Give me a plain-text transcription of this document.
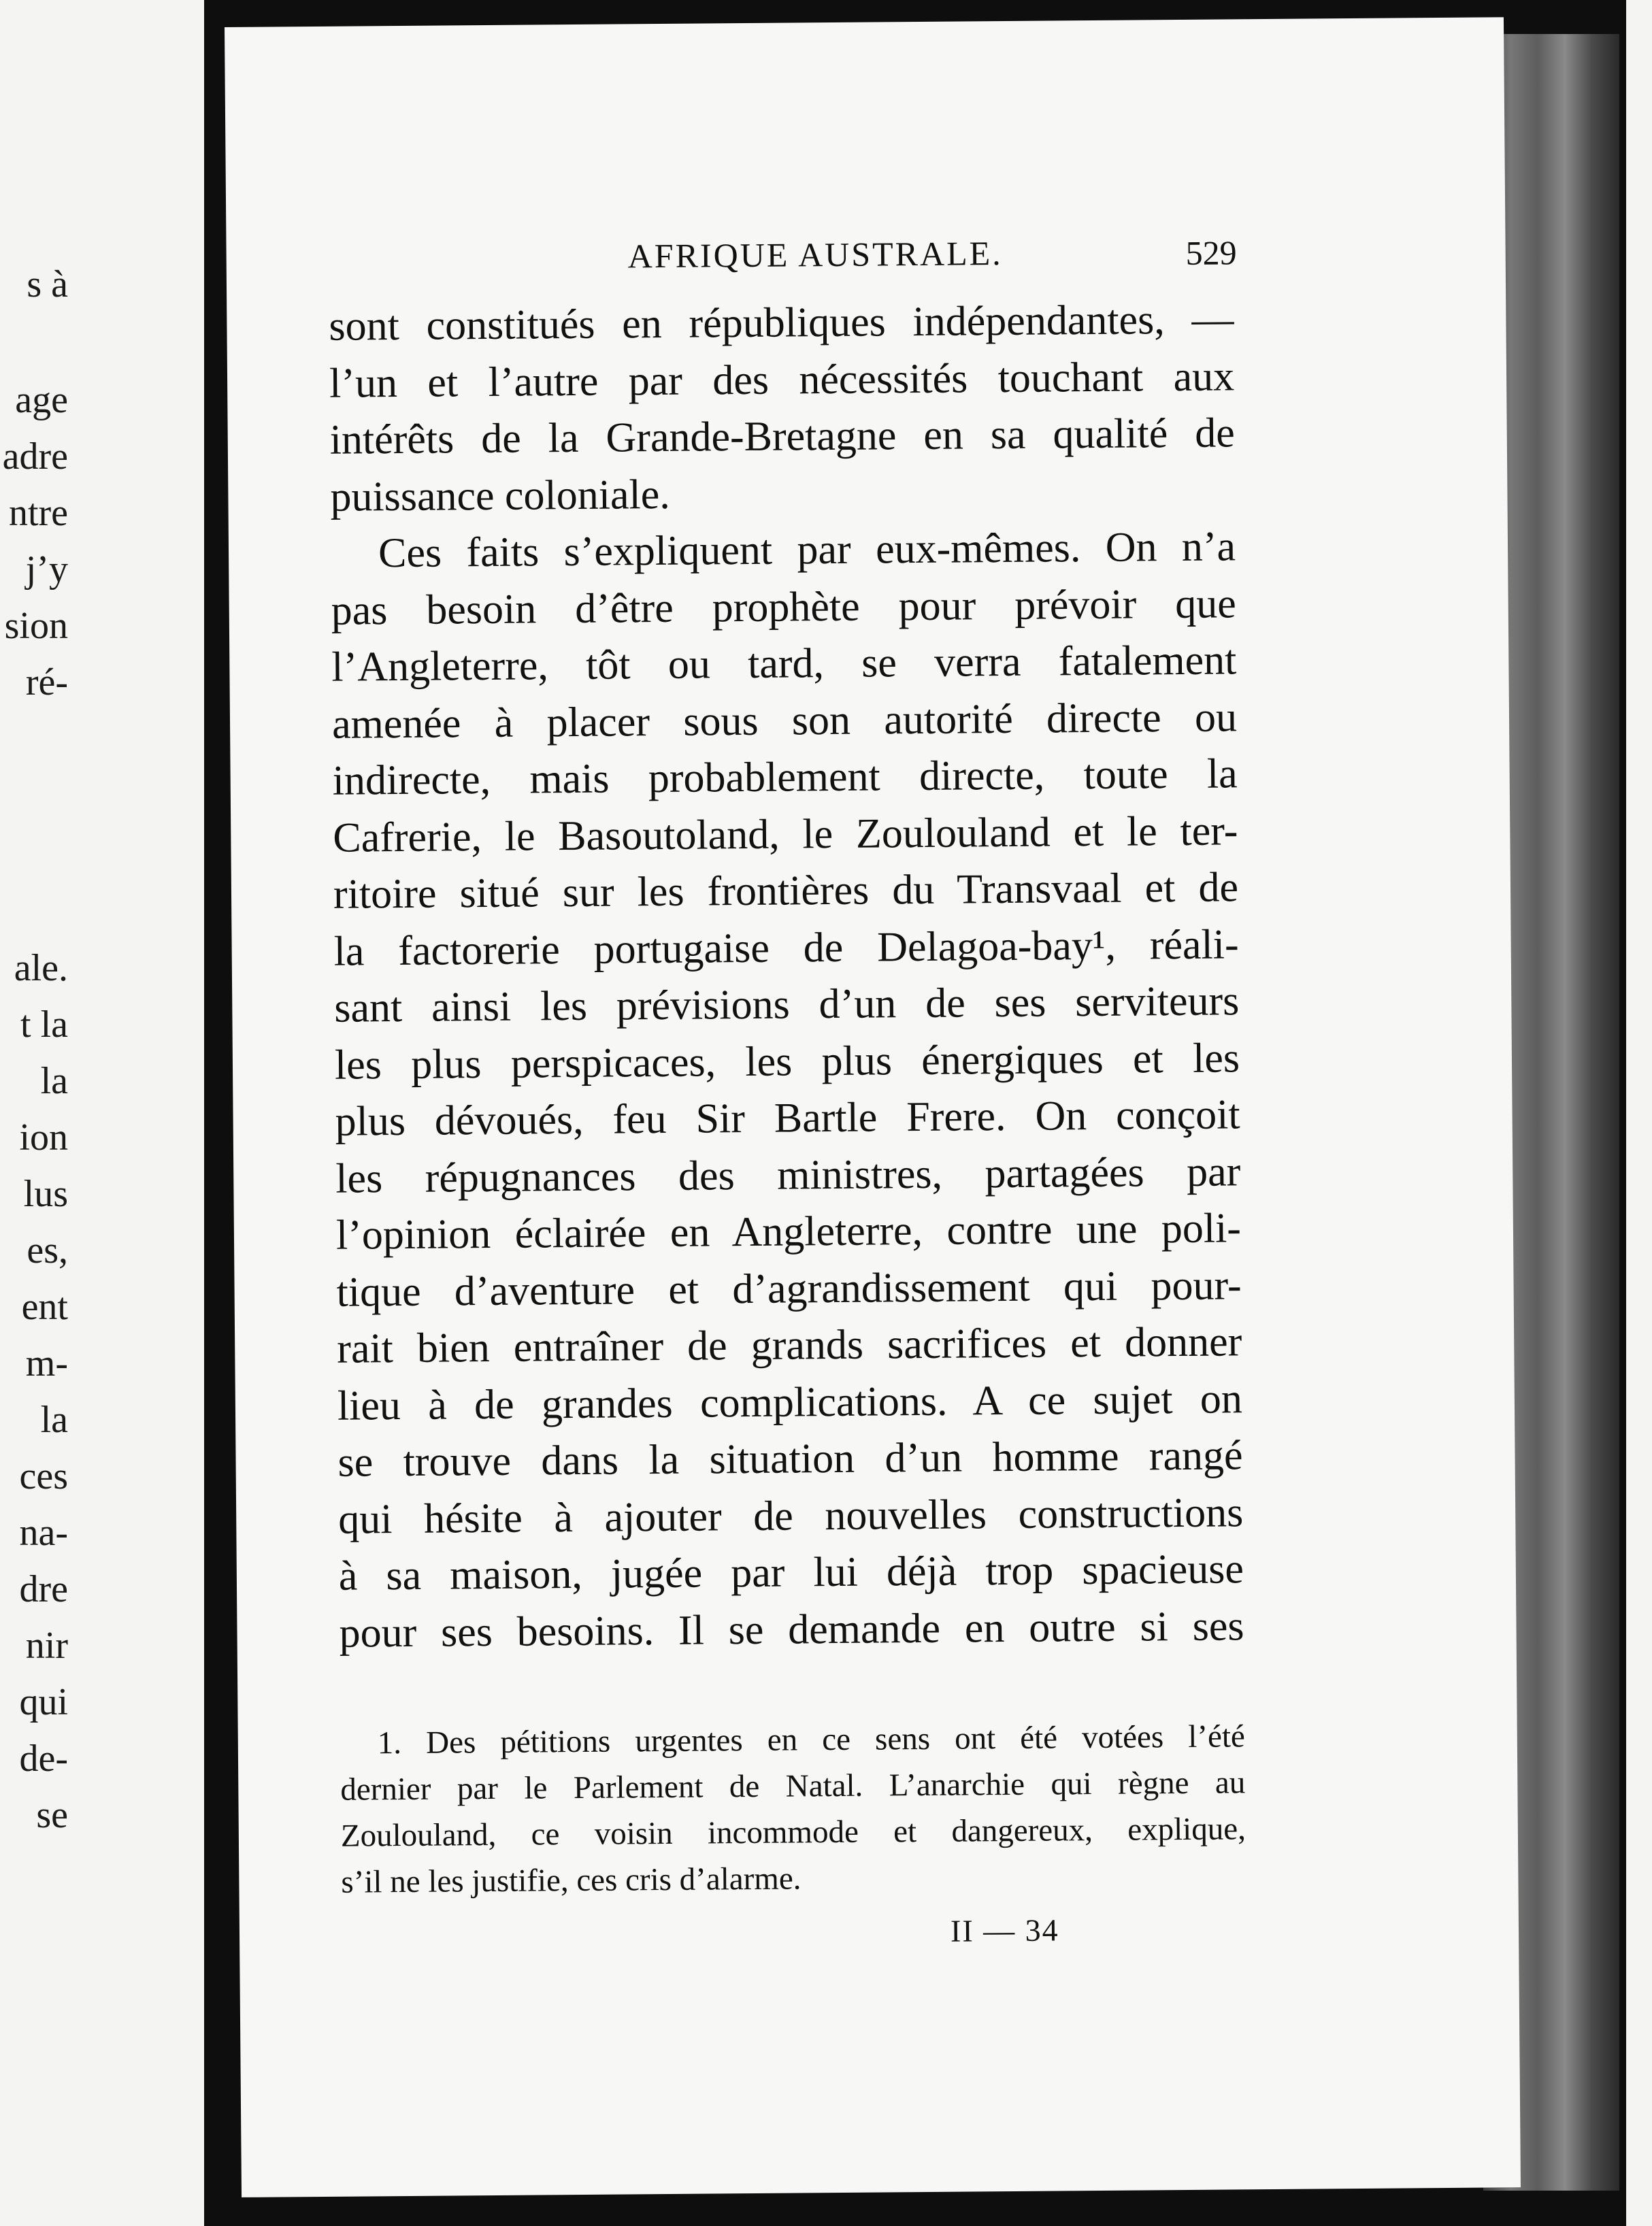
s à
age
adre
ntre
j’y
sion
ré-
ale.
t la
la
ion
lus
es,
ent
m-
la
ces
na-
dre
nir
qui
de-
se
AFRIQUE AUSTRALE.	529
sont constitués en républiques indépendantes, —
l’un et l’autre par des nécessités touchant aux
intérêts de la Grande-Bretagne en sa qualité de
puissance coloniale.
Ces faits s’expliquent par eux-mêmes. On n’a
pas besoin d’être prophète pour prévoir que
l’Angleterre, tôt ou tard, se verra fatalement
amenée à placer sous son autorité directe ou
indirecte, mais probablement directe, toute la
Cafrerie, le Basoutoland, le Zoulouland et le ter-
ritoire situé sur les frontières du Transvaal et de
la factorerie portugaise de Delagoa-bay¹, réali-
sant ainsi les prévisions d’un de ses serviteurs
les plus perspicaces, les plus énergiques et les
plus dévoués, feu Sir Bartle Frere. On conçoit
les répugnances des ministres, partagées par
l’opinion éclairée en Angleterre, contre une poli-
tique d’aventure et d’agrandissement qui pour-
rait bien entraîner de grands sacrifices et donner
lieu à de grandes complications. A ce sujet on
se trouve dans la situation d’un homme rangé
qui hésite à ajouter de nouvelles constructions
à sa maison, jugée par lui déjà trop spacieuse
pour ses besoins. Il se demande en outre si ses
1. Des pétitions urgentes en ce sens ont été votées l’été
dernier par le Parlement de Natal. L’anarchie qui règne au
Zoulouland, ce voisin incommode et dangereux, explique,
s’il ne les justifie, ces cris d’alarme.
II — 34
